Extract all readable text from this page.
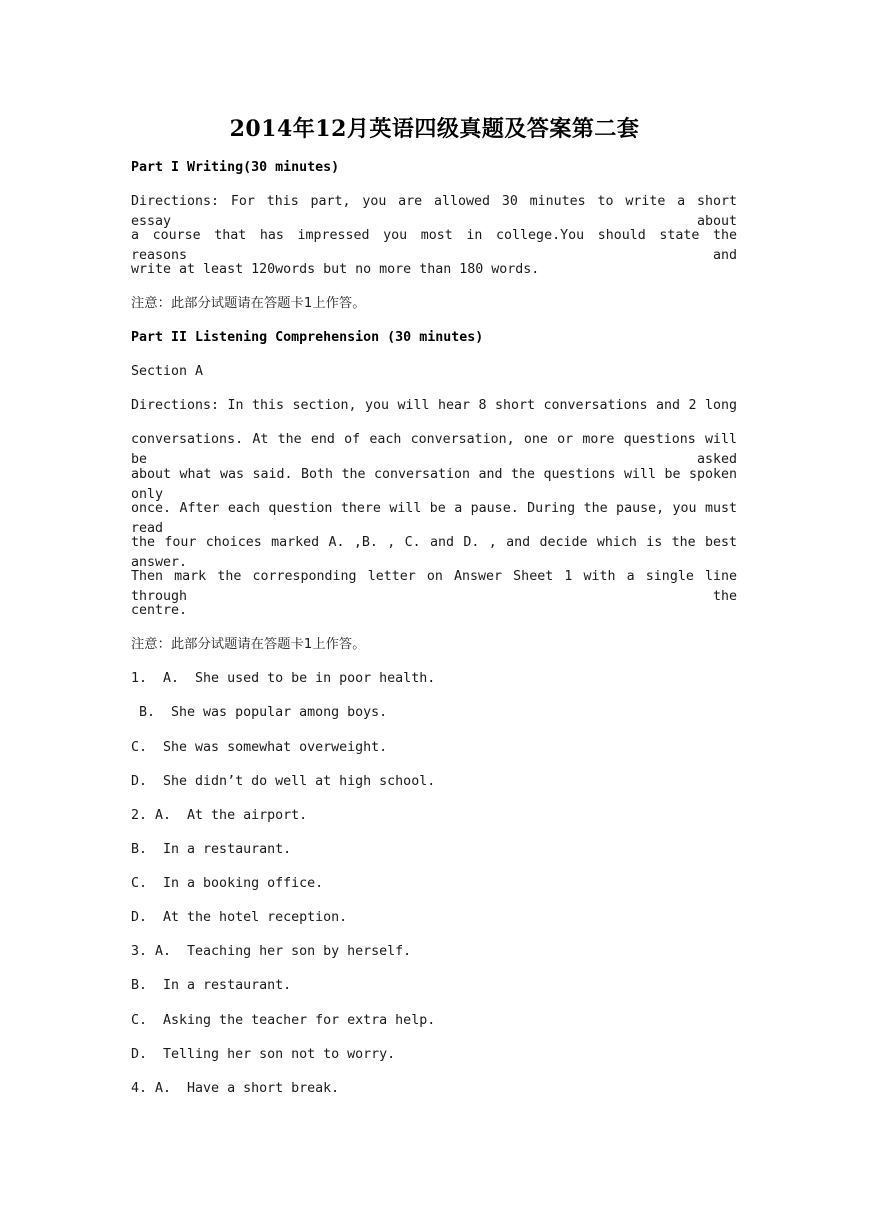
2014年12月英语四级真题及答案第二套
Part I Writing(30 minutes)
Directions: For this part, you are allowed 30 minutes to write a short essay about
a course that has impressed you most in college.You should state the reasons and
write at least 120words but no more than 180 words.
注意：此部分试题请在答题卡1上作答。
Part II Listening Comprehension (30 minutes)
Section A
Directions: In this section, you will hear 8 short conversations and 2 long
conversations. At the end of each conversation, one or more questions will be asked
about what was said. Both the conversation and the questions will be spoken only
once. After each question there will be a pause. During the pause, you must read
the four choices marked A. ,B. , C. and D. , and decide which is the best answer.
Then mark the corresponding letter on Answer Sheet 1 with a single line through the
centre.
注意：此部分试题请在答题卡1上作答。
1.  A.  She used to be in poor health.
B.  She was popular among boys.
C.  She was somewhat overweight.
D.  She didn’t do well at high school.
2. A.  At the airport.
B.  In a restaurant.
C.  In a booking office.
D.  At the hotel reception.
3. A.  Teaching her son by herself.
B.  In a restaurant.
C.  Asking the teacher for extra help.
D.  Telling her son not to worry.
4. A.  Have a short break.
